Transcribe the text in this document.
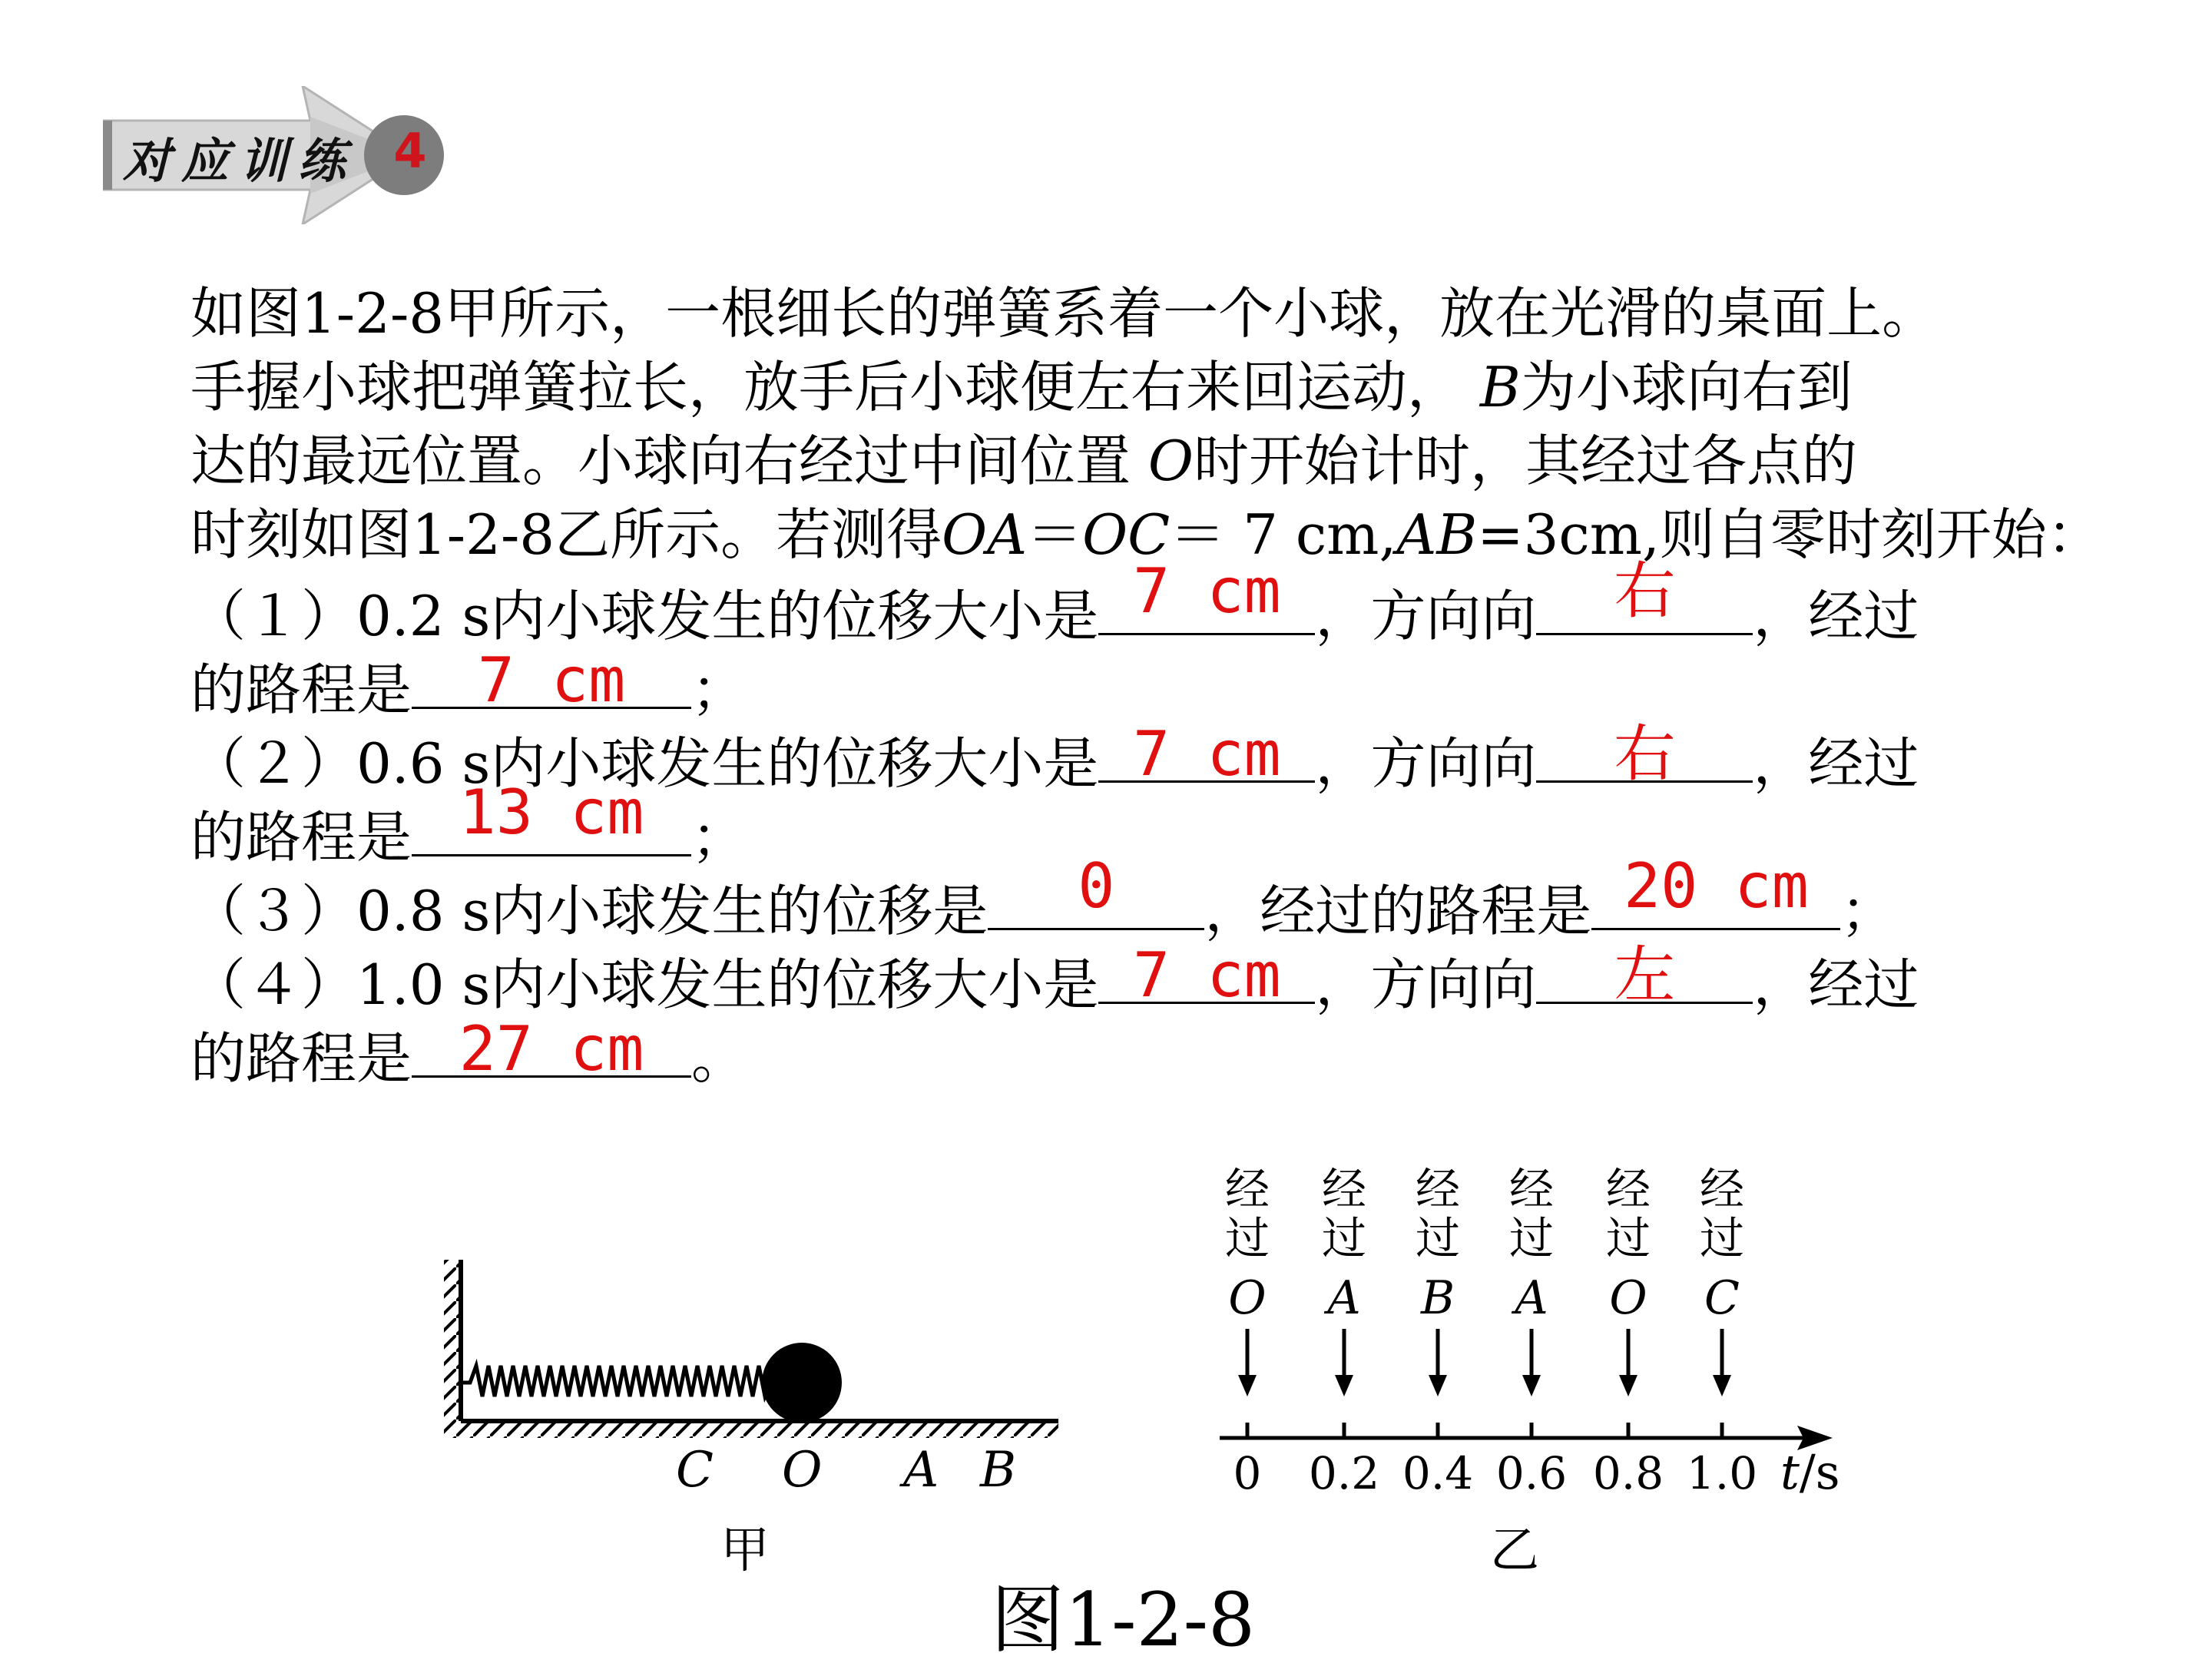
对应训练 4
如图1-2-8甲所示，一根细长的弹簧系着一个小球，放在光滑的桌面上。
手握小球把弹簧拉长，放手后小球便左右来回运动， B为小球向右到
达的最远位置。小球向右经过中间位置 O时开始计时，其经过各点的
时刻如图1-2-8乙所示。若测得OA＝OC＝ 7 cm,AB=3cm,则自零时刻开始：
（１）0.2 s内小球发生的位移大小是 7 cm ，方向向	右	，经过
的路程是	7 cm	；
（２）0.6 s内小球发生的位移大小是 7 cm ，方向向	右	，经过
的路程是 13 cm ；
（３）0.8 s内小球发生的位移是	0	，经过的路程是 20 cm ；
（４）1.0 s内小球发生的位移大小是 7 cm ，方向向	左	，经过
的路程是 27 cm 。
C O A B
甲
经
过
O
0
经
过
A
0.2
经
过
B
0.4
经
过
A
0.6
经
过
O
0.8
经
过
C
1.0 t/s
乙
图1-2-8
